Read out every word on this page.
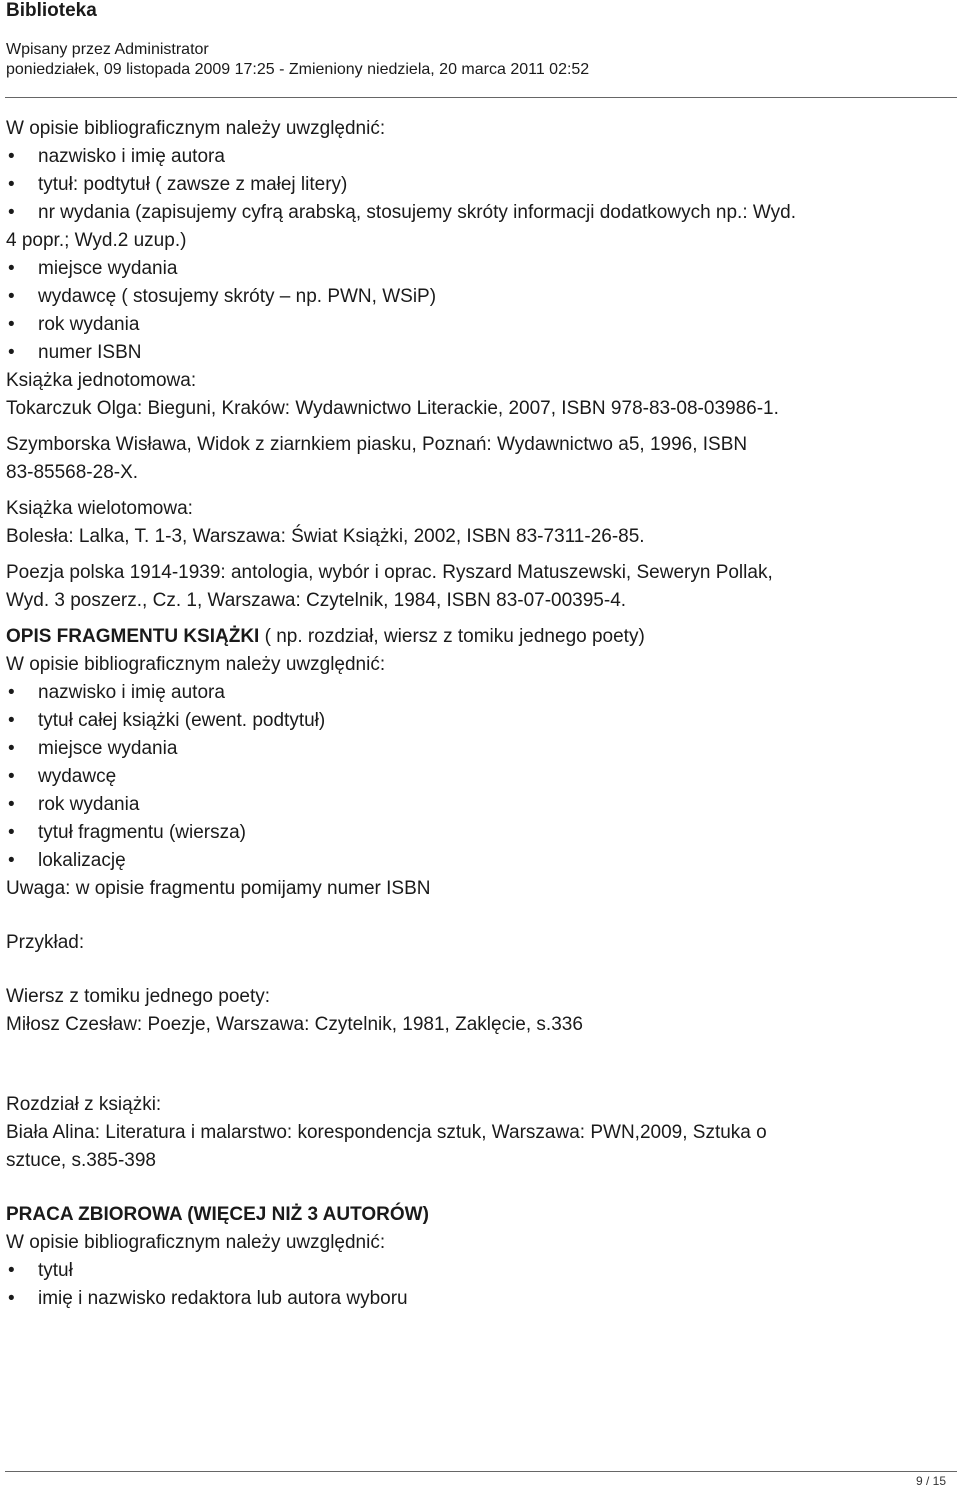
Biblioteka
Wpisany przez Administrator
poniedziałek, 09 listopada 2009 17:25 - Zmieniony niedziela, 20 marca 2011 02:52
W opisie bibliograficznym należy uwzględnić:
• nazwisko i imię autora
• tytuł: podtytuł ( zawsze z małej litery)
• nr wydania (zapisujemy cyfrą arabską, stosujemy skróty informacji dodatkowych np.: Wyd.
4 popr.; Wyd.2 uzup.)
• miejsce wydania
• wydawcę ( stosujemy skróty – np. PWN, WSiP)
• rok wydania
• numer ISBN
Książka jednotomowa:
Tokarczuk Olga: Bieguni, Kraków: Wydawnictwo Literackie, 2007, ISBN 978-83-08-03986-1.
Szymborska Wisława, Widok z ziarnkiem piasku, Poznań: Wydawnictwo a5, 1996, ISBN
83-85568-28-X.
Książka wielotomowa:
Bolesła: Lalka, T. 1-3, Warszawa: Świat Książki, 2002, ISBN 83-7311-26-85.
Poezja polska 1914-1939: antologia, wybór i oprac. Ryszard Matuszewski, Seweryn Pollak,
Wyd. 3 poszerz., Cz. 1, Warszawa: Czytelnik, 1984, ISBN 83-07-00395-4.
OPIS FRAGMENTU KSIĄŻKI ( np. rozdział, wiersz z tomiku jednego poety)
W opisie bibliograficznym należy uwzględnić:
• nazwisko i imię autora
• tytuł całej książki (ewent. podtytuł)
• miejsce wydania
• wydawcę
• rok wydania
• tytuł fragmentu (wiersza)
• lokalizację
Uwaga: w opisie fragmentu pomijamy numer ISBN
Przykład:
Wiersz z tomiku jednego poety:
Miłosz Czesław: Poezje, Warszawa: Czytelnik, 1981, Zaklęcie, s.336
Rozdział z książki:
Biała Alina: Literatura i malarstwo: korespondencja sztuk, Warszawa: PWN,2009, Sztuka o
sztuce, s.385-398
PRACA ZBIOROWA (WIĘCEJ NIŻ 3 AUTORÓW)
W opisie bibliograficznym należy uwzględnić:
• tytuł
• imię i nazwisko redaktora lub autora wyboru
9 / 15
